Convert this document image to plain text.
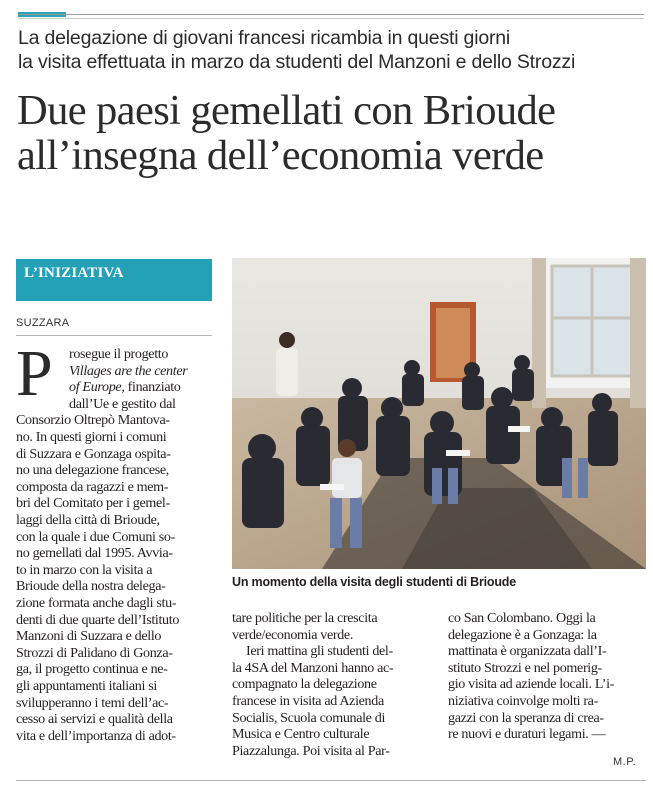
La delegazione di giovani francesi ricambia in questi giorni
la visita effettuata in marzo da studenti del Manzoni e dello Strozzi
Due paesi gemellati con Brioude
all’insegna dell’economia verde
L’INIZIATIVA
SUZZARA
P rosegue il progetto
Villages are the center
of Europe, finanziato
dall’Ue e gestito dal
Consorzio Oltrepò Mantova-
no. In questi giorni i comuni
di Suzzara e Gonzaga ospita-
no una delegazione francese,
composta da ragazzi e mem-
bri del Comitato per i gemel-
laggi della città di Brioude,
con la quale i due Comuni so-
no gemellati dal 1995. Avvia-
to in marzo con la visita a
Brioude della nostra delega-
zione formata anche dagli stu-
denti di due quarte dell’Istituto
Manzoni di Suzzara e dello
Strozzi di Palidano di Gonza-
ga, il progetto continua e ne-
gli appuntamenti italiani si
svilupperanno i temi dell’ac-
cesso ai servizi e qualità della
vita e dell’importanza di adot-
Un momento della visita degli studenti di Brioude
tare politiche per la crescita
verde/economia verde.
Ieri mattina gli studenti del-
la 4SA del Manzoni hanno ac-
compagnato la delegazione
francese in visita ad Azienda
Socialis, Scuola comunale di
Musica e Centro culturale
Piazzalunga. Poi visita al Par-
co San Colombano. Oggi la
delegazione è a Gonzaga: la
mattinata è organizzata dall’I-
stituto Strozzi e nel pomerig-
gio visita ad aziende locali. L’i-
niziativa coinvolge molti ra-
gazzi con la speranza di crea-
re nuovi e duraturi legami. —
M.P.
